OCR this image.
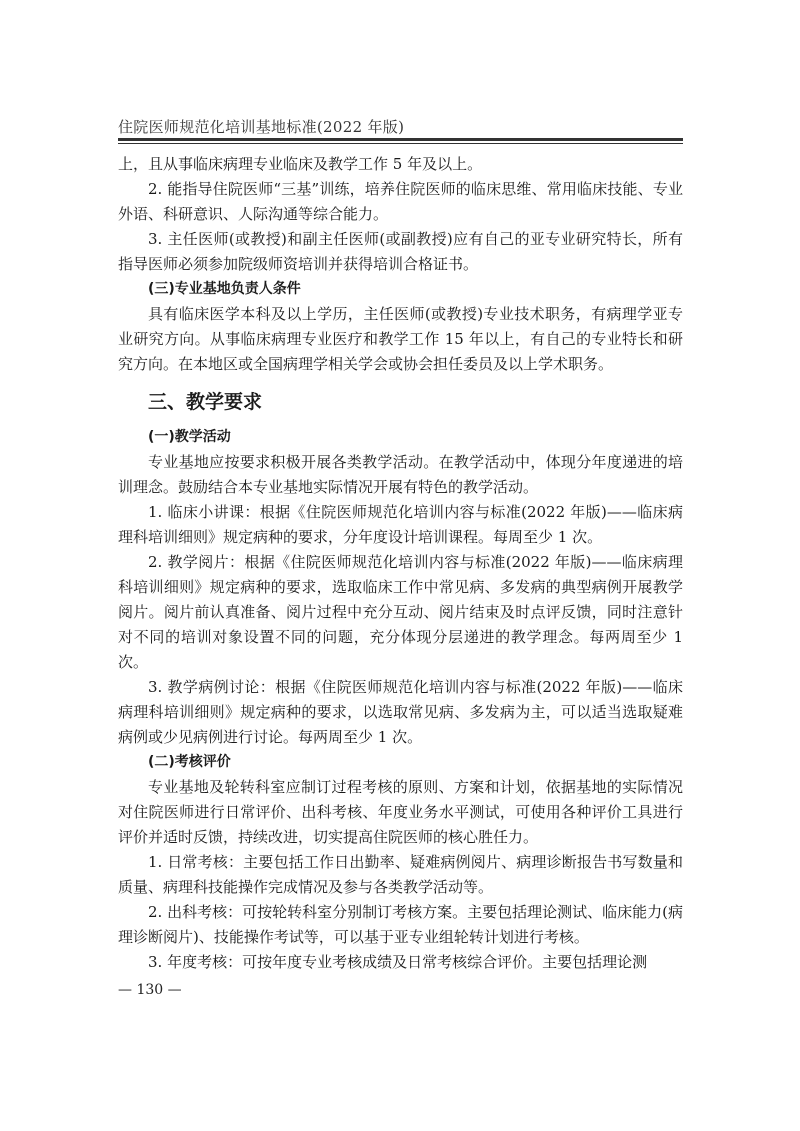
住院医师规范化培训基地标准(2022 年版)

上，且从事临床病理专业临床及教学工作 5 年及以上。

2. 能指导住院医师“三基”训练，培养住院医师的临床思维、常用临床技能、专业外语、科研意识、人际沟通等综合能力。

3. 主任医师(或教授)和副主任医师(或副教授)应有自己的亚专业研究特长，所有指导医师必须参加院级师资培训并获得培训合格证书。

(三)专业基地负责人条件

具有临床医学本科及以上学历，主任医师(或教授)专业技术职务，有病理学亚专业研究方向。从事临床病理专业医疗和教学工作 15 年以上，有自己的专业特长和研究方向。在本地区或全国病理学相关学会或协会担任委员及以上学术职务。

三、教学要求
(一)教学活动

专业基地应按要求积极开展各类教学活动。在教学活动中，体现分年度递进的培训理念。鼓励结合本专业基地实际情况开展有特色的教学活动。

1. 临床小讲课：根据《住院医师规范化培训内容与标准(2022 年版)——临床病理科培训细则》规定病种的要求，分年度设计培训课程。每周至少 1 次。

2. 教学阅片：根据《住院医师规范化培训内容与标准(2022 年版)——临床病理科培训细则》规定病种的要求，选取临床工作中常见病、多发病的典型病例开展教学阅片。阅片前认真准备、阅片过程中充分互动、阅片结束及时点评反馈，同时注意针对不同的培训对象设置不同的问题，充分体现分层递进的教学理念。每两周至少 1 次。

3. 教学病例讨论：根据《住院医师规范化培训内容与标准(2022 年版)——临床病理科培训细则》规定病种的要求，以选取常见病、多发病为主，可以适当选取疑难病例或少见病例进行讨论。每两周至少 1 次。

(二)考核评价

专业基地及轮转科室应制订过程考核的原则、方案和计划，依据基地的实际情况对住院医师进行日常评价、出科考核、年度业务水平测试，可使用各种评价工具进行评价并适时反馈，持续改进，切实提高住院医师的核心胜任力。

1. 日常考核：主要包括工作日出勤率、疑难病例阅片、病理诊断报告书写数量和质量、病理科技能操作完成情况及参与各类教学活动等。

2. 出科考核：可按轮转科室分别制订考核方案。主要包括理论测试、临床能力(病理诊断阅片)、技能操作考试等，可以基于亚专业组轮转计划进行考核。

3. 年度考核：可按年度专业考核成绩及日常考核综合评价。主要包括理论测

— 130 —
